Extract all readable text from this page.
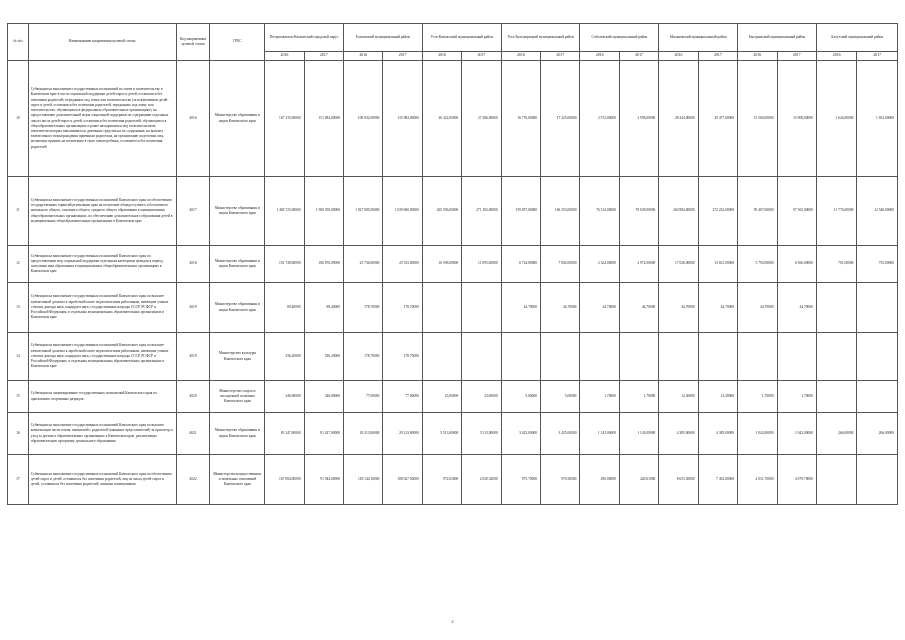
№ п/п	Наименование направления целевой статьи	Код направления целевой статьи	ГРБС	Петропавловск-Камчатский городской округ		Елизовский муниципальный район		Усть-Камчатский муниципальный район		Усть-Большерецкий муниципальный район		Соболевский муниципальный район		Мильковский муниципальный район		Быстринский муниципальный район		Алеутский муниципальный район	
				2016	2017	2016	2017	2016	2017	2016	2017	2016	2017	2016	2017	2016	2017	2016	2017
10	Субвенции на выполнение государственных полномочий по опеке и попечительству в Камчатском крае в части социальной поддержки детей-сирот и детей, оставшихся без попечения родителей, переданных под опеку или попечительство (за исключением детей-сирот и детей, оставшихся без попечения родителей, переданных под опеку или попечительство, обучающихся в федеральных образовательных организациях), на предоставление дополнительной меры социальной поддержки по содержанию отдельных лиц из числа детей-сирот и детей, оставшихся без попечения родителей, обучающихся в общеобразовательных организациях и ранее находившихся под попечительством, попечители которых выплачивалось денежные средства на их содержание, на выплату ежемесячного вознаграждения приемным родителям, на организацию подготовки лиц, желающих принять на воспитание в свою семью ребенка, оставшегося без попечения родителей	4016	Министерство образования и науки Камчатского края	167 335,00000	151 084,00000	108 942,00000	135 984,00000	26 322,00000	27 286,00000	16 776,00000	17 225,00000	2 572,00000	2 958,00000	28 444,00000	29 477,00000	15 566,00000	15 908,00000	1 624,00000	1 652,00000
11	Субвенции на выполнение государственных полномочий Камчатского края по обеспечению государственных гарантий реализации прав на получение общедоступного и бесплатного начального общего, основного общего, среднего общего образования в муниципальных общеобразовательных организациях, по обеспечению дополнительного образования детей в муниципальных общеобразовательных организациях в Камчатском крае	4017	Министерство образования и науки Камчатского края	1 469 725,00000	1 580 359,00000	1 027 085,00000	1 039 060,00000	265 596,00000	271 182,00000	159 857,00000	166 353,00000	76 314,00000	78 639,00000	263 884,00000	272 222,00000	95 407,00000	97 565,00000	11 776,00000	12 546,00000
12	Субвенции на выполнение государственных полномочий Камчатского края по предоставлению мер социальной поддержки отдельным категориям граждан в период получения ими образования в муниципальных общеобразовательных организациях в Камчатском крае	4018	Министерство образования и науки Камчатского края	101 749,00000	106 876,00000	25 736,00000	25 533,00000	16 596,00000	11 095,00000	6 724,00000	7 002,00000	2 324,00000	2 972,00000	17 026,00000	13 631,00000	5 792,00000	6 566,00000	701,00000	755,00000
13	Субвенции на выполнение государственных полномочий Камчатского края по выплате ежемесячной доплаты к заработной плате педагогическим работникам, имеющим ученые степени доктора наук, кандидата наук, государственные награды СССР, РСФСР и Российской Федерации, в отдельных муниципальных образовательных организациях в Камчатском крае	4019	Министерство образования и науки Камчатского края	89,40000	89,40000	178,70000	178,70000			44,70000	44,70000	44,70000	44,70000	44,70000	44,70000	44,70000	44,70000		
14	Субвенции на выполнение государственных полномочий Камчатского края по выплате ежемесячной доплаты к заработной плате педагогическим работникам, имеющим ученые степени доктора наук, кандидата наук, государственные награды СССР, РСФСР и Российской Федерации, в отдельных муниципальных образовательных организациях в Камчатском крае	4019	Министерство культуры Камчатского края	536,20000	536,20000	178,70000	178,70000												
15	Субвенции на лицензирование государственных полномочий Камчатского края по присвоению спортивных разрядов	4020	Министерство спорта и молодежной политики Камчатского края	346,00000	346,00000	77,00000	77,00000	23,00000	23,00000	5,00000	5,00000	1,70000	1,70000	12,30000	12,30000	1,70000	1,70000		
16	Субвенции на выполнение государственных полномочий Камчатского края по выплате компенсации части платы, взимаемой с родителей (законных представителей) за присмотр и уход за детьми в образовательных организациях в Камчатском крае, реализующих образовательную программу дошкольного образования	4021	Министерство образования и науки Камчатского края	81 247,00000	81 247,00000	29 213,00000	29 213,00000	5 513,00000	5 513,00000	3 425,00000	3 425,00000	1 143,00000	1 143,00000	4 385,00000	4 385,00000	1 042,00000	1 042,00000	266,00000	266,00000
17	Субвенции на выполнение государственных полномочий Камчатского края по обеспечению детей-сирот и детей, оставшихся без попечения родителей, лиц из числа детей-сирот и детей, оставшихся без попечения родителей, жилыми помещениями	4022	Министерство имущественных и земельных отношений Камчатского края	167 084,00000	91 944,00000	118 144,10000	108 027,50000	972,63000	2 020,52000	975,70000	970,50000	490,00000	420,61000	8 653,50000	7 452,00000	2 031,70000	4 079,70000		
2
